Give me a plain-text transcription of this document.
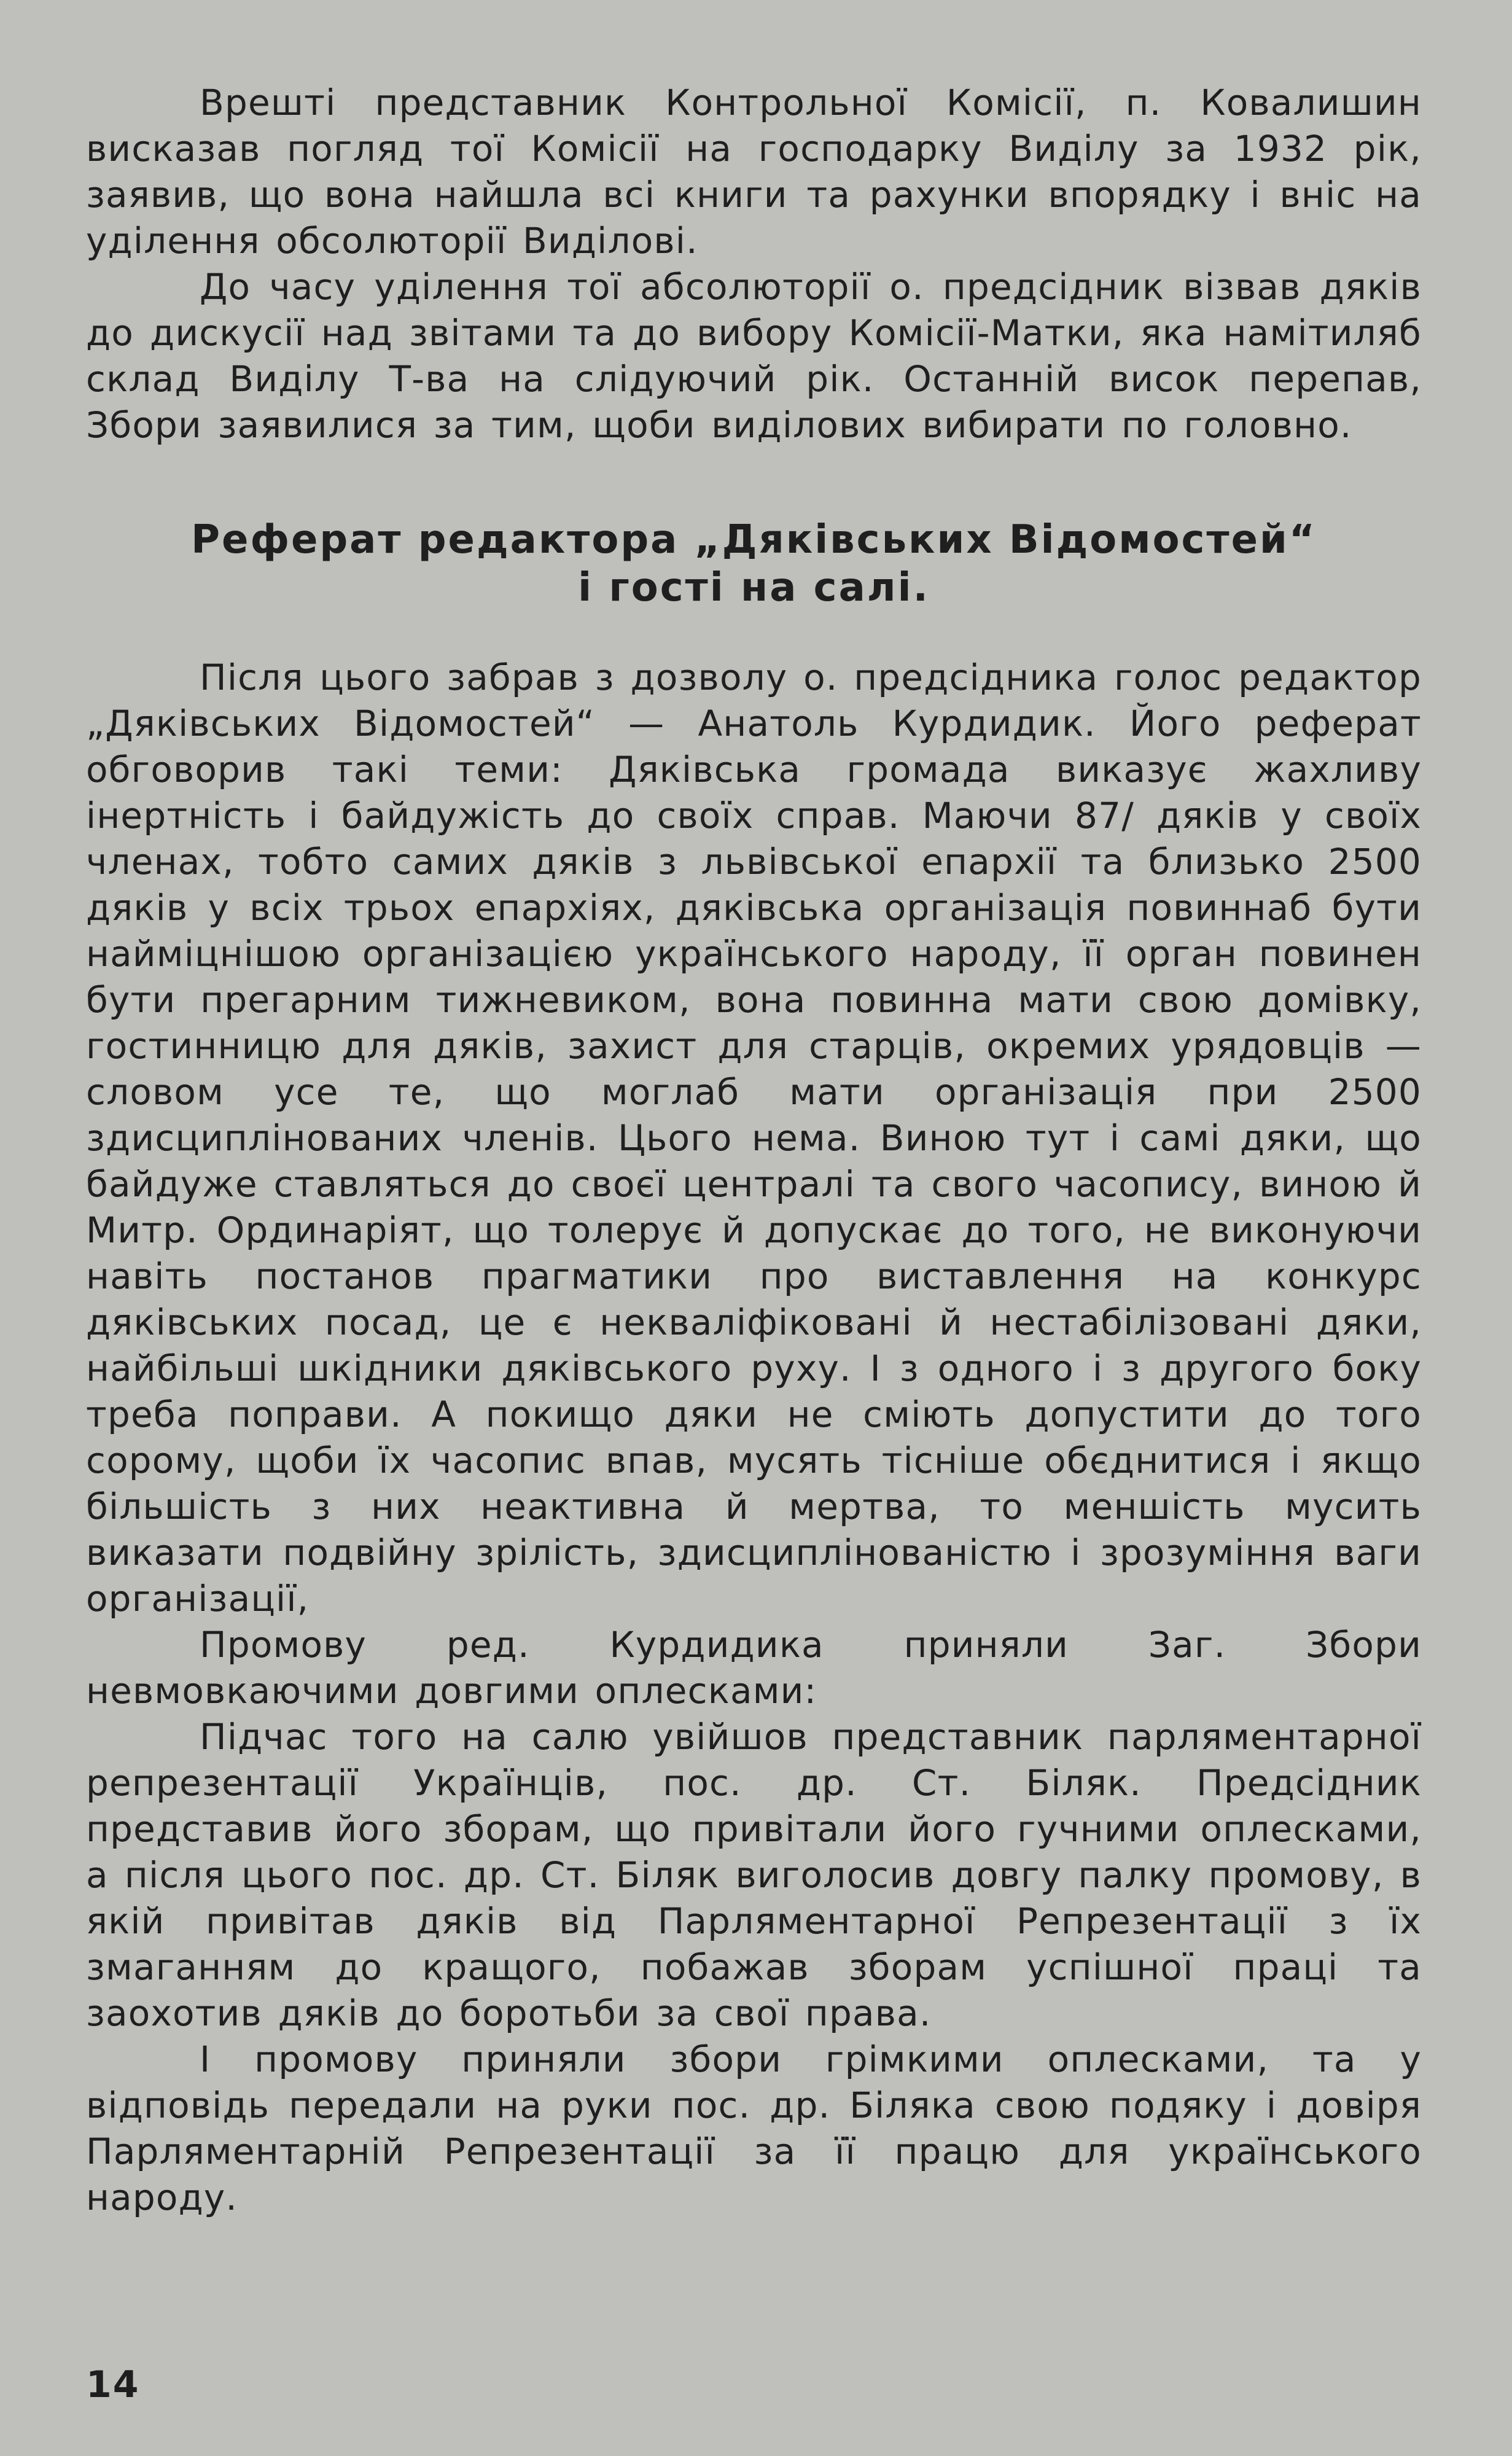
Врешті представник Контрольної Комісії, п. Ковалишин висказав погляд тої Комісії на господарку Виділу за 1932 рік, заявив, що вона найшла всі книги та рахунки впорядку і вніс на уділення обсолюторії Виділові.

До часу уділення тої абсолюторії о. предсідник візвав дяків до дискусії над звітами та до вибору Комісії-Матки, яка намітиляб склад Виділу Т-ва на слідуючий рік. Останній висок перепав, Збори заявилися за тим, щоби виділових вибирати по головно.

Реферат редактора „Дяківських Відомостей“
і гості на салі.

Після цього забрав з дозволу о. предсідника голос редактор „Дяківських Відомостей“ — Анатоль Курдидик. Його реферат обговорив такі теми: Дяківська громада виказує жахливу інертність і байдужість до своїх справ. Маючи 87/ дяків у своїх членах, тобто самих дяків з львівської епархії та близько 2500 дяків у всіх трьох епархіях, дяківська організація повиннаб бути найміцнішою організацією українського народу, її орган повинен бути прегарним тижневиком, вона повинна мати свою домівку, гостинницю для дяків, захист для старців, окремих урядовців — словом усе те, що моглаб мати організація при 2500 здисциплінованих членів. Цього нема. Виною тут і самі дяки, що байдуже ставляться до своєї централі та свого часопису, виною й Митр. Ординаріят, що толерує й допускає до того, не виконуючи навіть постанов прагматики про виставлення на конкурс дяківських посад, це є некваліфіковані й нестабілізовані дяки, найбільші шкідники дяківського руху. І з одного і з другого боку треба поправи. А покищо дяки не сміють допустити до того сорому, щоби їх часопис впав, мусять тісніше обєднитися і якщо більшість з них неактивна й мертва, то меншість мусить виказати подвійну зрілість, здисциплінованістю і зрозуміння ваги організації,

Промову ред. Курдидика приняли Заг. Збори невмовкаючими довгими оплесками:

Підчас того на салю увійшов представник парляментарної репрезентації Українців, пос. др. Ст. Біляк. Предсідник представив його зборам, що привітали його гучними оплесками, а після цього пос. др. Ст. Біляк виголосив довгу палку промову, в якій привітав дяків від Парляментарної Репрезентації з їх змаганням до кращого, побажав зборам успішної праці та заохотив дяків до боротьби за свої права.

І промову приняли збори грімкими оплесками, та у відповідь передали на руки пос. др. Біляка свою подяку і довіря Парляментарній Репрезентації за її працю для українського народу.

14
